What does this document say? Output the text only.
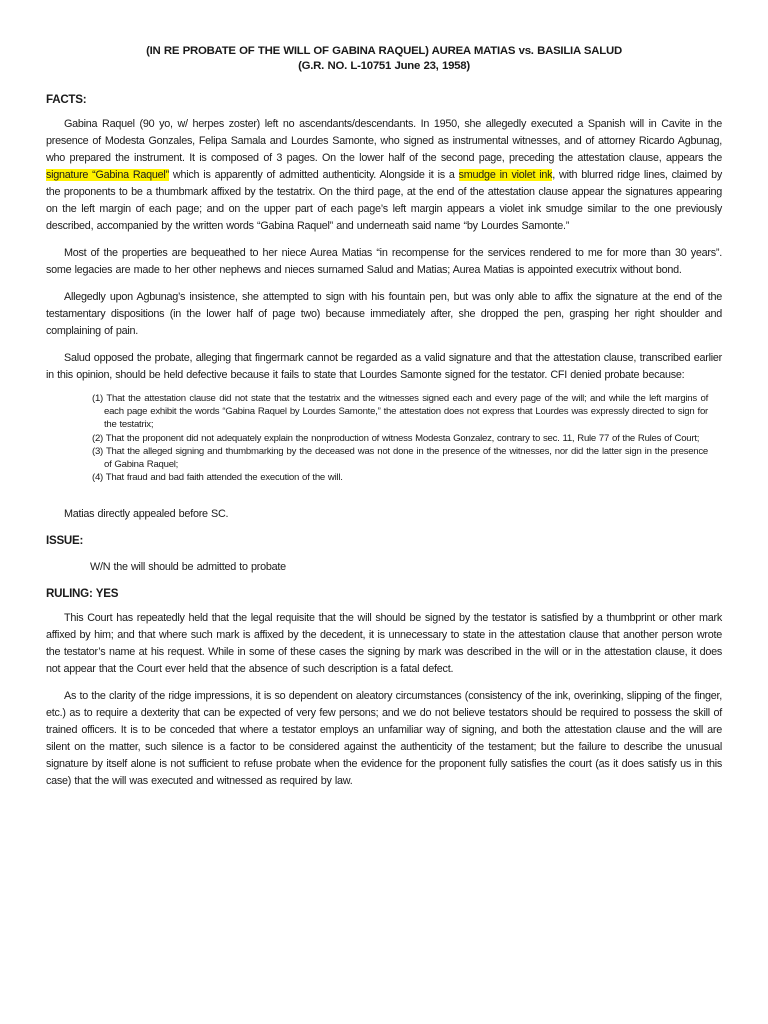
(IN RE PROBATE OF THE WILL OF GABINA RAQUEL) AUREA MATIAS vs. BASILIA SALUD
(G.R. NO. L-10751 June 23, 1958)
FACTS:

Gabina Raquel (90 yo, w/ herpes zoster) left no ascendants/descendants. In 1950, she allegedly executed a Spanish will in Cavite in the presence of Modesta Gonzales, Felipa Samala and Lourdes Samonte, who signed as instrumental witnesses, and of attorney Ricardo Agbunag, who prepared the instrument. It is composed of 3 pages. On the lower half of the second page, preceding the attestation clause, appears the signature “Gabina Raquel” which is apparently of admitted authenticity. Alongside it is a smudge in violet ink, with blurred ridge lines, claimed by the proponents to be a thumbmark affixed by the testatrix. On the third page, at the end of the attestation clause appear the signatures appearing on the left margin of each page; and on the upper part of each page’s left margin appears a violet ink smudge similar to the one previously described, accompanied by the written words “Gabina Raquel” and underneath said name “by Lourdes Samonte.”

Most of the properties are bequeathed to her niece Aurea Matias “in recompense for the services rendered to me for more than 30 years”. some legacies are made to her other nephews and nieces surnamed Salud and Matias; Aurea Matias is appointed executrix without bond.

Allegedly upon Agbunag’s insistence, she attempted to sign with his fountain pen, but was only able to affix the signature at the end of the testamentary dispositions (in the lower half of page two) because immediately after, she dropped the pen, grasping her right shoulder and complaining of pain.

Salud opposed the probate, alleging that fingermark cannot be regarded as a valid signature and that the attestation clause, transcribed earlier in this opinion, should be held defective because it fails to state that Lourdes Samonte signed for the testator. CFI denied probate because:

(1) That the attestation clause did not state that the testatrix and the witnesses signed each and every page of the will; and while the left margins of each page exhibit the words “Gabina Raquel by Lourdes Samonte,” the attestation does not express that Lourdes was expressly directed to sign for the testatrix;
(2) That the proponent did not adequately explain the nonproduction of witness Modesta Gonzalez, contrary to sec. 11, Rule 77 of the Rules of Court;
(3) That the alleged signing and thumbmarking by the deceased was not done in the presence of the witnesses, nor did the latter sign in the presence of Gabina Raquel;
(4) That fraud and bad faith attended the execution of the will.

Matias directly appealed before SC.

ISSUE:
W/N the will should be admitted to probate
RULING: YES

This Court has repeatedly held that the legal requisite that the will should be signed by the testator is satisfied by a thumbprint or other mark affixed by him; and that where such mark is affixed by the decedent, it is unnecessary to state in the attestation clause that another person wrote the testator’s name at his request. While in some of these cases the signing by mark was described in the will or in the attestation clause, it does not appear that the Court ever held that the absence of such description is a fatal defect.

As to the clarity of the ridge impressions, it is so dependent on aleatory circumstances (consistency of the ink, overinking, slipping of the finger, etc.) as to require a dexterity that can be expected of very few persons; and we do not believe testators should be required to possess the skill of trained officers. It is to be conceded that where a testator employs an unfamiliar way of signing, and both the attestation clause and the will are silent on the matter, such silence is a factor to be considered against the authenticity of the testament; but the failure to describe the unusual signature by itself alone is not sufficient to refuse probate when the evidence for the proponent fully satisfies the court (as it does satisfy us in this case) that the will was executed and witnessed as required by law.
